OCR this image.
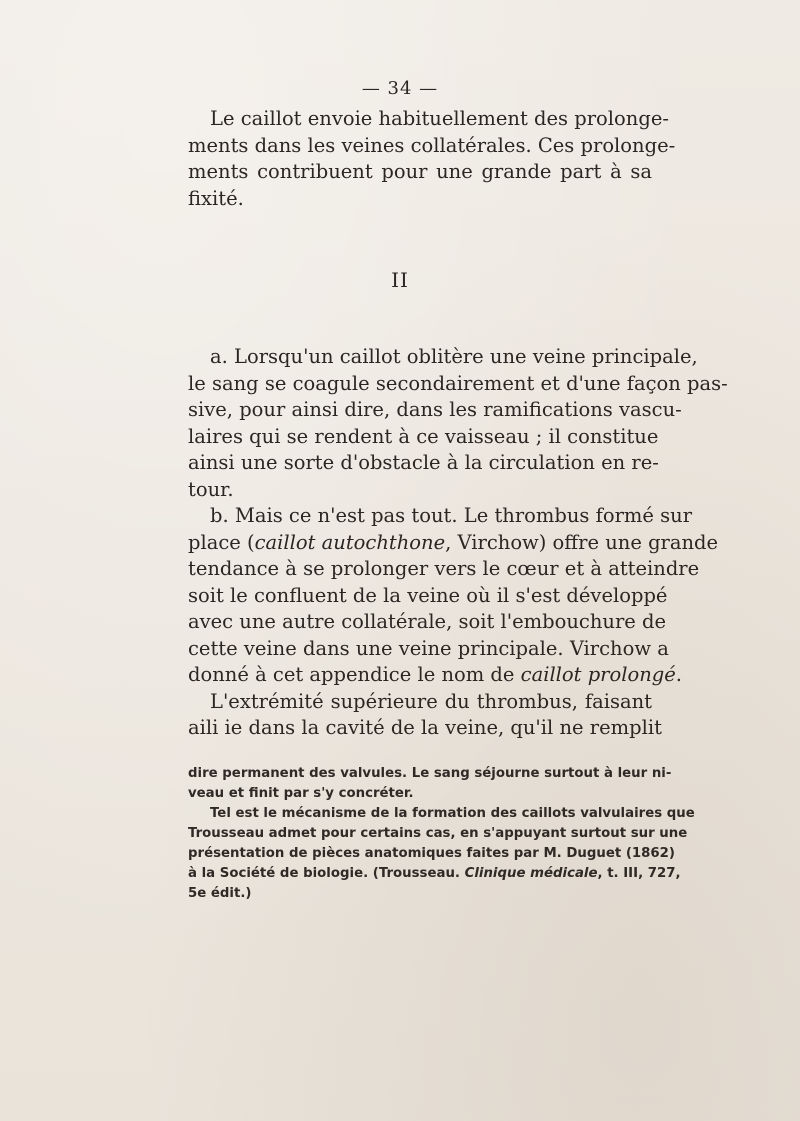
— 34 —
Le caillot envoie habituellement des prolonge-
ments dans les veines collatérales. Ces prolonge-
ments contribuent pour une grande part à sa
fixité.
II
a. Lorsqu'un caillot oblitère une veine principale,
le sang se coagule secondairement et d'une façon pas-
sive, pour ainsi dire, dans les ramifications vascu-
laires qui se rendent à ce vaisseau ; il constitue
ainsi une sorte d'obstacle à la circulation en re-
tour.
b. Mais ce n'est pas tout. Le thrombus formé sur
place (caillot autochthone, Virchow) offre une grande
tendance à se prolonger vers le cœur et à atteindre
soit le confluent de la veine où il s'est développé
avec une autre collatérale, soit l'embouchure de
cette veine dans une veine principale. Virchow a
donné à cet appendice le nom de caillot prolongé.
L'extrémité supérieure du thrombus, faisant
aili ie dans la cavité de la veine, qu'il ne remplit
dire permanent des valvules. Le sang séjourne surtout à leur ni-
veau et finit par s'y concréter.
Tel est le mécanisme de la formation des caillots valvulaires que
Trousseau admet pour certains cas, en s'appuyant surtout sur une
présentation de pièces anatomiques faites par M. Duguet (1862)
à la Société de biologie. (Trousseau. Clinique médicale, t. III, 727,
5e édit.)
